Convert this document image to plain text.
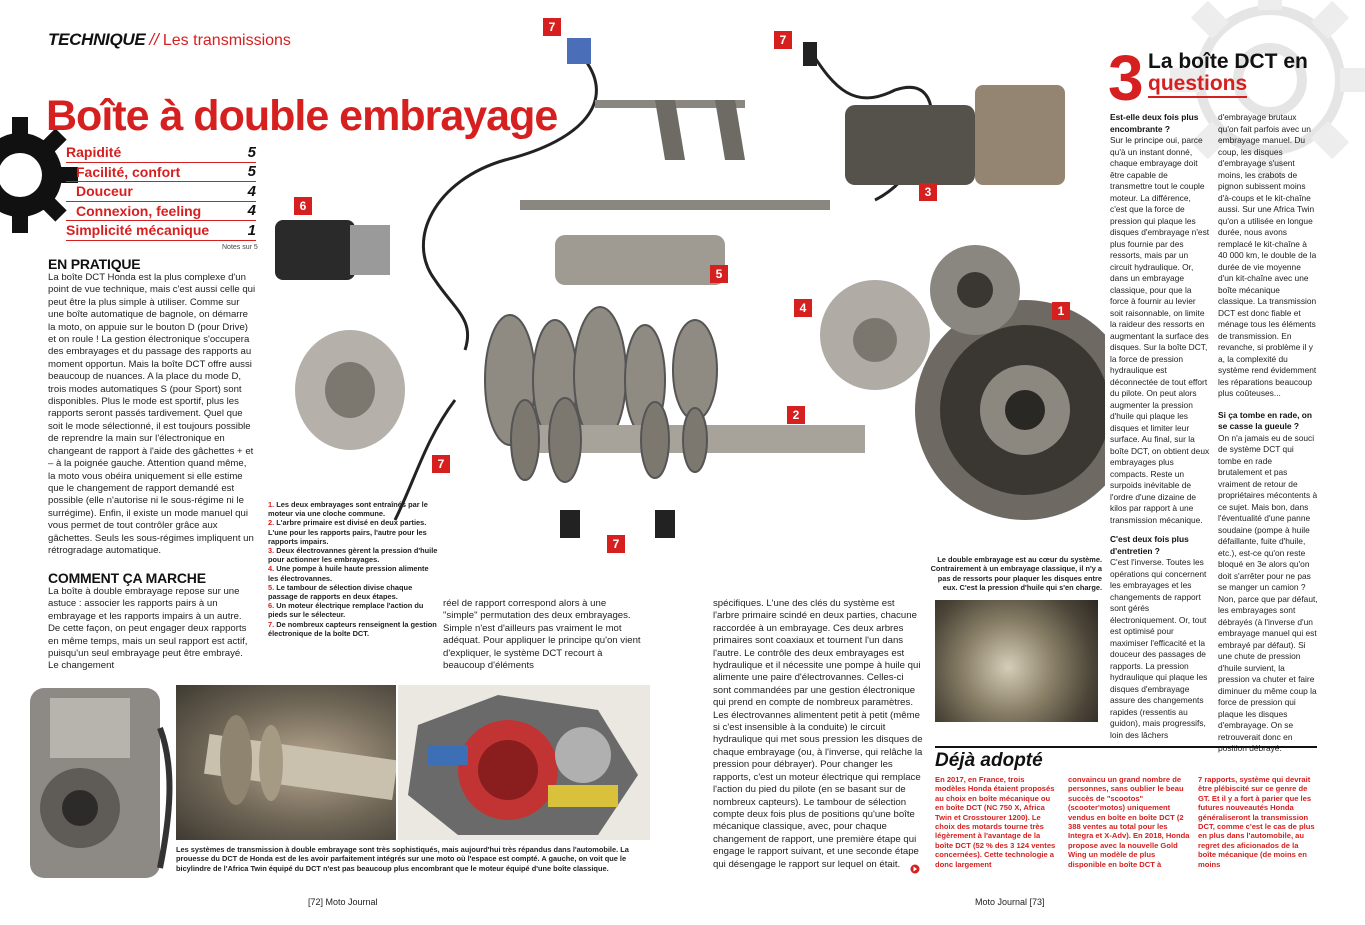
TECHNIQUE // Les transmissions
Boîte à double embrayage
Rapidité	5
Facilité, confort	5
Douceur	4
Connexion, feeling	4
Simplicité mécanique	1
Notes sur 5
EN PRATIQUE
La boîte DCT Honda est la plus complexe d'un point de vue technique, mais c'est aussi celle qui peut être la plus simple à utiliser. Comme sur une boîte automatique de bagnole, on démarre la moto, on appuie sur le bouton D (pour Drive) et on roule ! La gestion électronique s'occupera des embrayages et du passage des rapports au moment opportun. Mais la boîte DCT offre aussi beaucoup de nuances. A la place du mode D, trois modes automatiques S (pour Sport) sont disponibles. Plus le mode est sportif, plus les rapports seront passés tardivement. Quel que soit le mode sélectionné, il est toujours possible de reprendre la main sur l'électronique en changeant de rapport à l'aide des gâchettes + et – à la poignée gauche. Attention quand même, la moto vous obéira uniquement si elle estime que le changement de rapport demandé est possible (elle n'autorise ni le sous-régime ni le surrégime). Enfin, il existe un mode manuel qui vous permet de tout contrôler grâce aux gâchettes. Seuls les sous-régimes impliquent un rétrogradage automatique.
COMMENT ÇA MARCHE
La boîte à double embrayage repose sur une astuce : associer les rapports pairs à un embrayage et les rapports impairs à un autre. De cette façon, on peut engager deux rapports en même temps, mais un seul rapport est actif, puisqu'un seul embrayage peut être embrayé. Le changement
1
2
3
4
5
6
7
7
7
7
1. Les deux embrayages sont entraînés par le moteur via une cloche commune.
2. L'arbre primaire est divisé en deux parties. L'une pour les rapports pairs, l'autre pour les rapports impairs.
3. Deux électrovannes gèrent la pression d'huile pour actionner les embrayages.
4. Une pompe à huile haute pression alimente les électrovannes.
5. Le tambour de sélection divise chaque passage de rapports en deux étapes.
6. Un moteur électrique remplace l'action du pieds sur le sélecteur.
7. De nombreux capteurs renseignent la gestion électronique de la boîte DCT.
réel de rapport correspond alors à une "simple" permutation des deux embrayages. Simple n'est d'ailleurs pas vraiment le mot adéquat. Pour appliquer le principe qu'on vient d'expliquer, le système DCT recourt à beaucoup d'éléments
spécifiques. L'une des clés du système est l'arbre primaire scindé en deux parties, chacune raccordée à un embrayage. Ces deux arbres primaires sont coaxiaux et tournent l'un dans l'autre. Le contrôle des deux embrayages est hydraulique et il nécessite une pompe à huile qui alimente une paire d'électrovannes. Celles-ci sont commandées par une gestion électronique qui prend en compte de nombreux paramètres. Les électrovannes alimentent petit à petit (même si c'est insensible à la conduite) le circuit hydraulique qui met sous pression les disques de chaque embrayage (ou, à l'inverse, qui relâche la pression pour débrayer). Pour changer les rapports, c'est un moteur électrique qui remplace l'action du pied du pilote (en se basant sur de nombreux capteurs). Le tambour de sélection compte deux fois plus de positions qu'une boîte mécanique classique, avec, pour chaque changement de rapport, une première étape qui engage le rapport suivant, et une seconde étape qui désengage le rapport sur lequel on était.
Les systèmes de transmission à double embrayage sont très sophistiqués, mais aujourd'hui très répandus dans l'automobile. La prouesse du DCT de Honda est de les avoir parfaitement intégrés sur une moto où l'espace est compté. A gauche, on voit que le bicylindre de l'Africa Twin équipé du DCT n'est pas beaucoup plus encombrant que le moteur équipé d'une boîte classique.
[72] Moto Journal	Moto Journal [73]
3 La boîte DCT en
questions
Est-elle deux fois plus encombrante ?
Sur le principe oui, parce qu'à un instant donné, chaque embrayage doit être capable de transmettre tout le couple moteur. La différence, c'est que la force de pression qui plaque les disques d'embrayage n'est plus fournie par des ressorts, mais par un circuit hydraulique. Or, dans un embrayage classique, pour que la force à fournir au levier soit raisonnable, on limite la raideur des ressorts en augmentant la surface des disques. Sur la boîte DCT, la force de pression hydraulique est déconnectée de tout effort du pilote. On peut alors augmenter la pression d'huile qui plaque les disques et limiter leur surface. Au final, sur la boîte DCT, on obtient deux embrayages plus compacts. Reste un surpoids inévitable de l'ordre d'une dizaine de kilos par rapport à une transmission mécanique.
C'est deux fois plus d'entretien ?
C'est l'inverse. Toutes les opérations qui concernent les embrayages et les changements de rapport sont gérés électroniquement. Or, tout est optimisé pour maximiser l'efficacité et la douceur des passages de rapports. La pression hydraulique qui plaque les disques d'embrayage assure des changements rapides (ressentis au guidon), mais progressifs, loin des lâchers
d'embrayage brutaux qu'on fait parfois avec un embrayage manuel. Du coup, les disques d'embrayage s'usent moins, les crabots de pignon subissent moins d'à-coups et le kit-chaîne aussi. Sur une Africa Twin qu'on a utilisée en longue durée, nous avons remplacé le kit-chaîne à 40 000 km, le double de la durée de vie moyenne d'un kit-chaîne avec une boîte mécanique classique. La transmission DCT est donc fiable et ménage tous les éléments de transmission. En revanche, si problème il y a, la complexité du système rend évidemment les réparations beaucoup plus coûteuses...
Si ça tombe en rade, on se casse la gueule ?
On n'a jamais eu de souci de système DCT qui tombe en rade brutalement et pas vraiment de retour de propriétaires mécontents à ce sujet. Mais bon, dans l'éventualité d'une panne soudaine (pompe à huile défaillante, fuite d'huile, etc.), est-ce qu'on reste bloqué en 3e alors qu'on doit s'arrêter pour ne pas se manger un camion ? Non, parce que par défaut, les embrayages sont débrayés (à l'inverse d'un embrayage manuel qui est embrayé par défaut). Si une chute de pression d'huile survient, la pression va chuter et faire diminuer du même coup la force de pression qui plaque les disques d'embrayage. On se retrouverait donc en position débrayé.
Le double embrayage est au cœur du système. Contrairement à un embrayage classique, il n'y a pas de ressorts pour plaquer les disques entre eux. C'est la pression d'huile qui s'en charge.
Déjà adopté
En 2017, en France, trois modèles Honda étaient proposés au choix en boîte mécanique ou en boîte DCT (NC 750 X, Africa Twin et Crosstourer 1200). Le choix des motards tourne très légèrement à l'avantage de la boîte DCT (52 % des 3 124 ventes concernées). Cette technologie a donc largement
convaincu un grand nombre de personnes, sans oublier le beau succès de "scootos" (scooter'motos) uniquement vendus en boîte en boîte DCT (2 388 ventes au total pour les Integra et X-Adv). En 2018, Honda propose avec la nouvelle Gold Wing un modèle de plus disponible en boîte DCT à
7 rapports, système qui devrait être plébiscité sur ce genre de GT. Et il y a fort à parier que les futures nouveautés Honda généraliseront la transmission DCT, comme c'est le cas de plus en plus dans l'automobile, au regret des aficionados de la boîte mécanique (de moins en moins
